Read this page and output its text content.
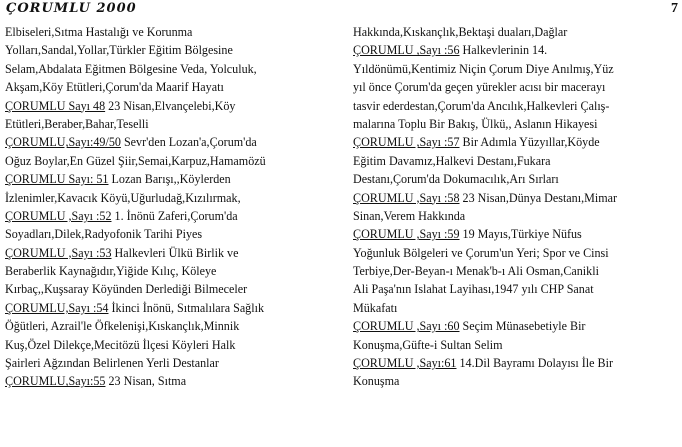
ÇORUMLU 2000	7
Elbiseleri,Sıtma Hastalığı ve Korunma
Yolları,Sandal,Yollar,Türkler Eğitim Bölgesine
Selam,Abdalata Eğitmen Bölgesine Veda, Yolculuk,
Akşam,Köy Etütleri,Çorum'da Maarif Hayatı
ÇORUMLU Sayı 48 23 Nisan,Elvançelebi,Köy
Etütleri,Beraber,Bahar,Teselli
ÇORUMLU,Sayı:49/50 Sevr'den Lozan'a,Çorum'da
Oğuz Boylar,En Güzel Şiir,Semai,Karpuz,Hamamözü
ÇORUMLU Sayı: 51 Lozan Barışı,,Köylerden
İzlenimler,Kavacık Köyü,Uğurludağ,Kızılırmak,
ÇORUMLU ,Sayı :52 1. İnönü Zaferi,Çorum'da
Soyadları,Dilek,Radyofonik Tarihi Piyes
ÇORUMLU ,Sayı :53 Halkevleri Ülkü Birlik ve
Beraberlik Kaynağıdır,Yiğide Kılıç, Köleye
Kırbaç,,Kuşsaray Köyünden Derlediği Bilmeceler
ÇORUMLU,Sayı :54 İkinci İnönü, Sıtmalılara Sağlık
Öğütleri, Azrail'le Öfkelenişi,Kıskançlık,Minnik
Kuş,Özel Dilekçe,Mecitözü İlçesi Köyleri Halk
Şairleri Ağzından Belirlenen Yerli Destanlar
ÇORUMLU,Sayı:55 23 Nisan, Sıtma
Hakkında,Kıskançlık,Bektaşi duaları,Dağlar
ÇORUMLU ,Sayı :56 Halkevlerinin 14.
Yıldönümü,Kentimiz Niçin Çorum Diye Anılmış,Yüz
yıl önce Çorum'da geçen yürekler acısı bir macerayı
tasvir ederdestan,Çorum'da Ancılık,Halkevleri Çalış-
malarına Toplu Bir Bakış, Ülkü,, Aslanın Hikayesi
ÇORUMLU ,Sayı :57 Bir Adımla Yüzyıllar,Köyde
Eğitim Davamız,Halkevi Destanı,Fukara
Destanı,Çorum'da Dokumacılık,Arı Sırları
ÇORUMLU ,Sayı :58 23 Nisan,Dünya Destanı,Mimar
Sinan,Verem Hakkında
ÇORUMLU ,Sayı :59 19 Mayıs,Türkiye Nüfus
Yoğunluk Bölgeleri ve Çorum'un Yeri; Spor ve Cinsi
Terbiye,Der-Beyan-ı Menak'b-ı Ali Osman,Canikli
Ali Paşa'nın Islahat Layihası,1947 yılı CHP Sanat
Mükafatı
ÇORUMLU ,Sayı :60 Seçim Münasebetiyle Bir
Konuşma,Güfte-i Sultan Selim
ÇORUMLU ,Sayı:61 14.Dil Bayramı Dolayısı İle Bir
Konuşma
